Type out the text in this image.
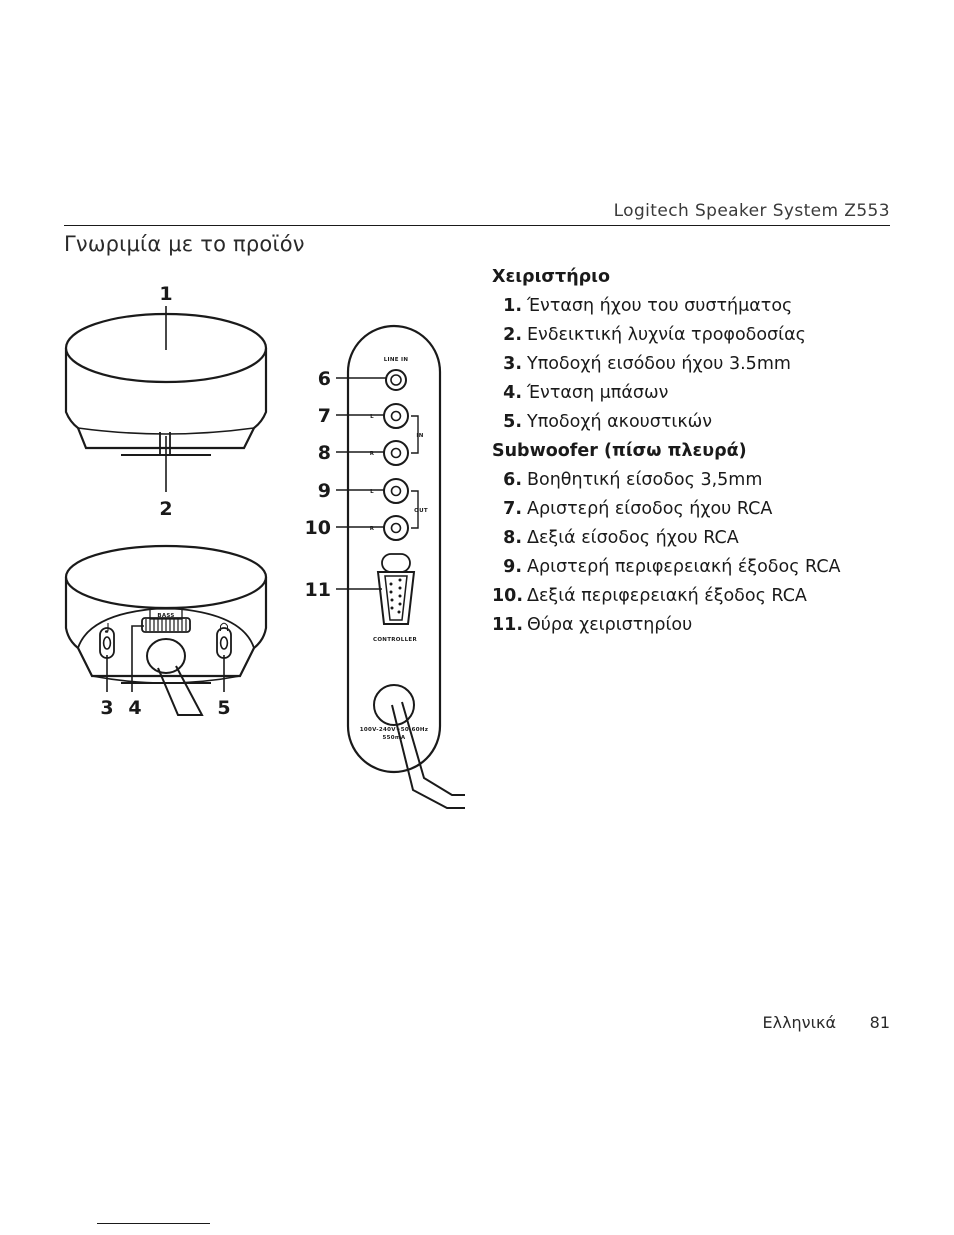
Logitech Speaker System Z553
Γνωριμία με το προϊόν
1
2
BASS
3 4	5
LINE IN
L
R
L
R
IN
OUT
CONTROLLER
100V-240V~50-60Hz
550mA
6
7
8
9
10
11
Χειριστήριο
1. Ένταση ήχου του συστήματος
2. Ενδεικτική λυχνία τροφοδοσίας
3. Υποδοχή εισόδου ήχου 3.5mm
4. Ένταση μπάσων
5. Υποδοχή ακουστικών
Subwoofer (πίσω πλευρά)
6. Βοηθητική είσοδος 3,5mm
7. Αριστερή είσοδος ήχου RCA
8. Δεξιά είσοδος ήχου RCA
9. Αριστερή περιφερειακή έξοδος RCA
10. Δεξιά περιφερειακή έξοδος RCA
11. Θύρα χειριστηρίου
Ελληνικά	81
